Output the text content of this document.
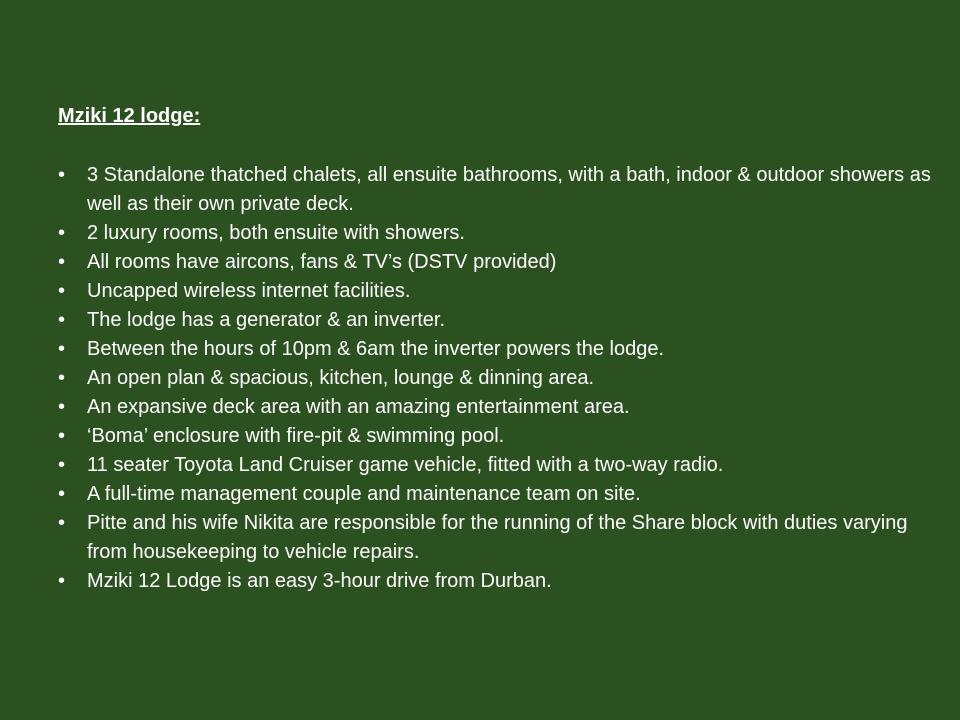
Mziki 12 lodge:
• 3 Standalone thatched chalets, all ensuite bathrooms, with a bath, indoor & outdoor showers as well as their own private deck.
• 2 luxury rooms, both ensuite with showers.
• All rooms have aircons, fans & TV’s (DSTV provided)
• Uncapped wireless internet facilities.
• The lodge has a generator & an inverter.
• Between the hours of 10pm & 6am the inverter powers the lodge.
• An open plan & spacious, kitchen, lounge & dinning area.
• An expansive deck area with an amazing entertainment area.
• ‘Boma’ enclosure with fire-pit & swimming pool.
• 11 seater Toyota Land Cruiser game vehicle, fitted with a two-way radio.
• A full-time management couple and maintenance team on site.
• Pitte and his wife Nikita are responsible for the running of the Share block with duties varying from housekeeping to vehicle repairs.
• Mziki 12 Lodge is an easy 3-hour drive from Durban.
